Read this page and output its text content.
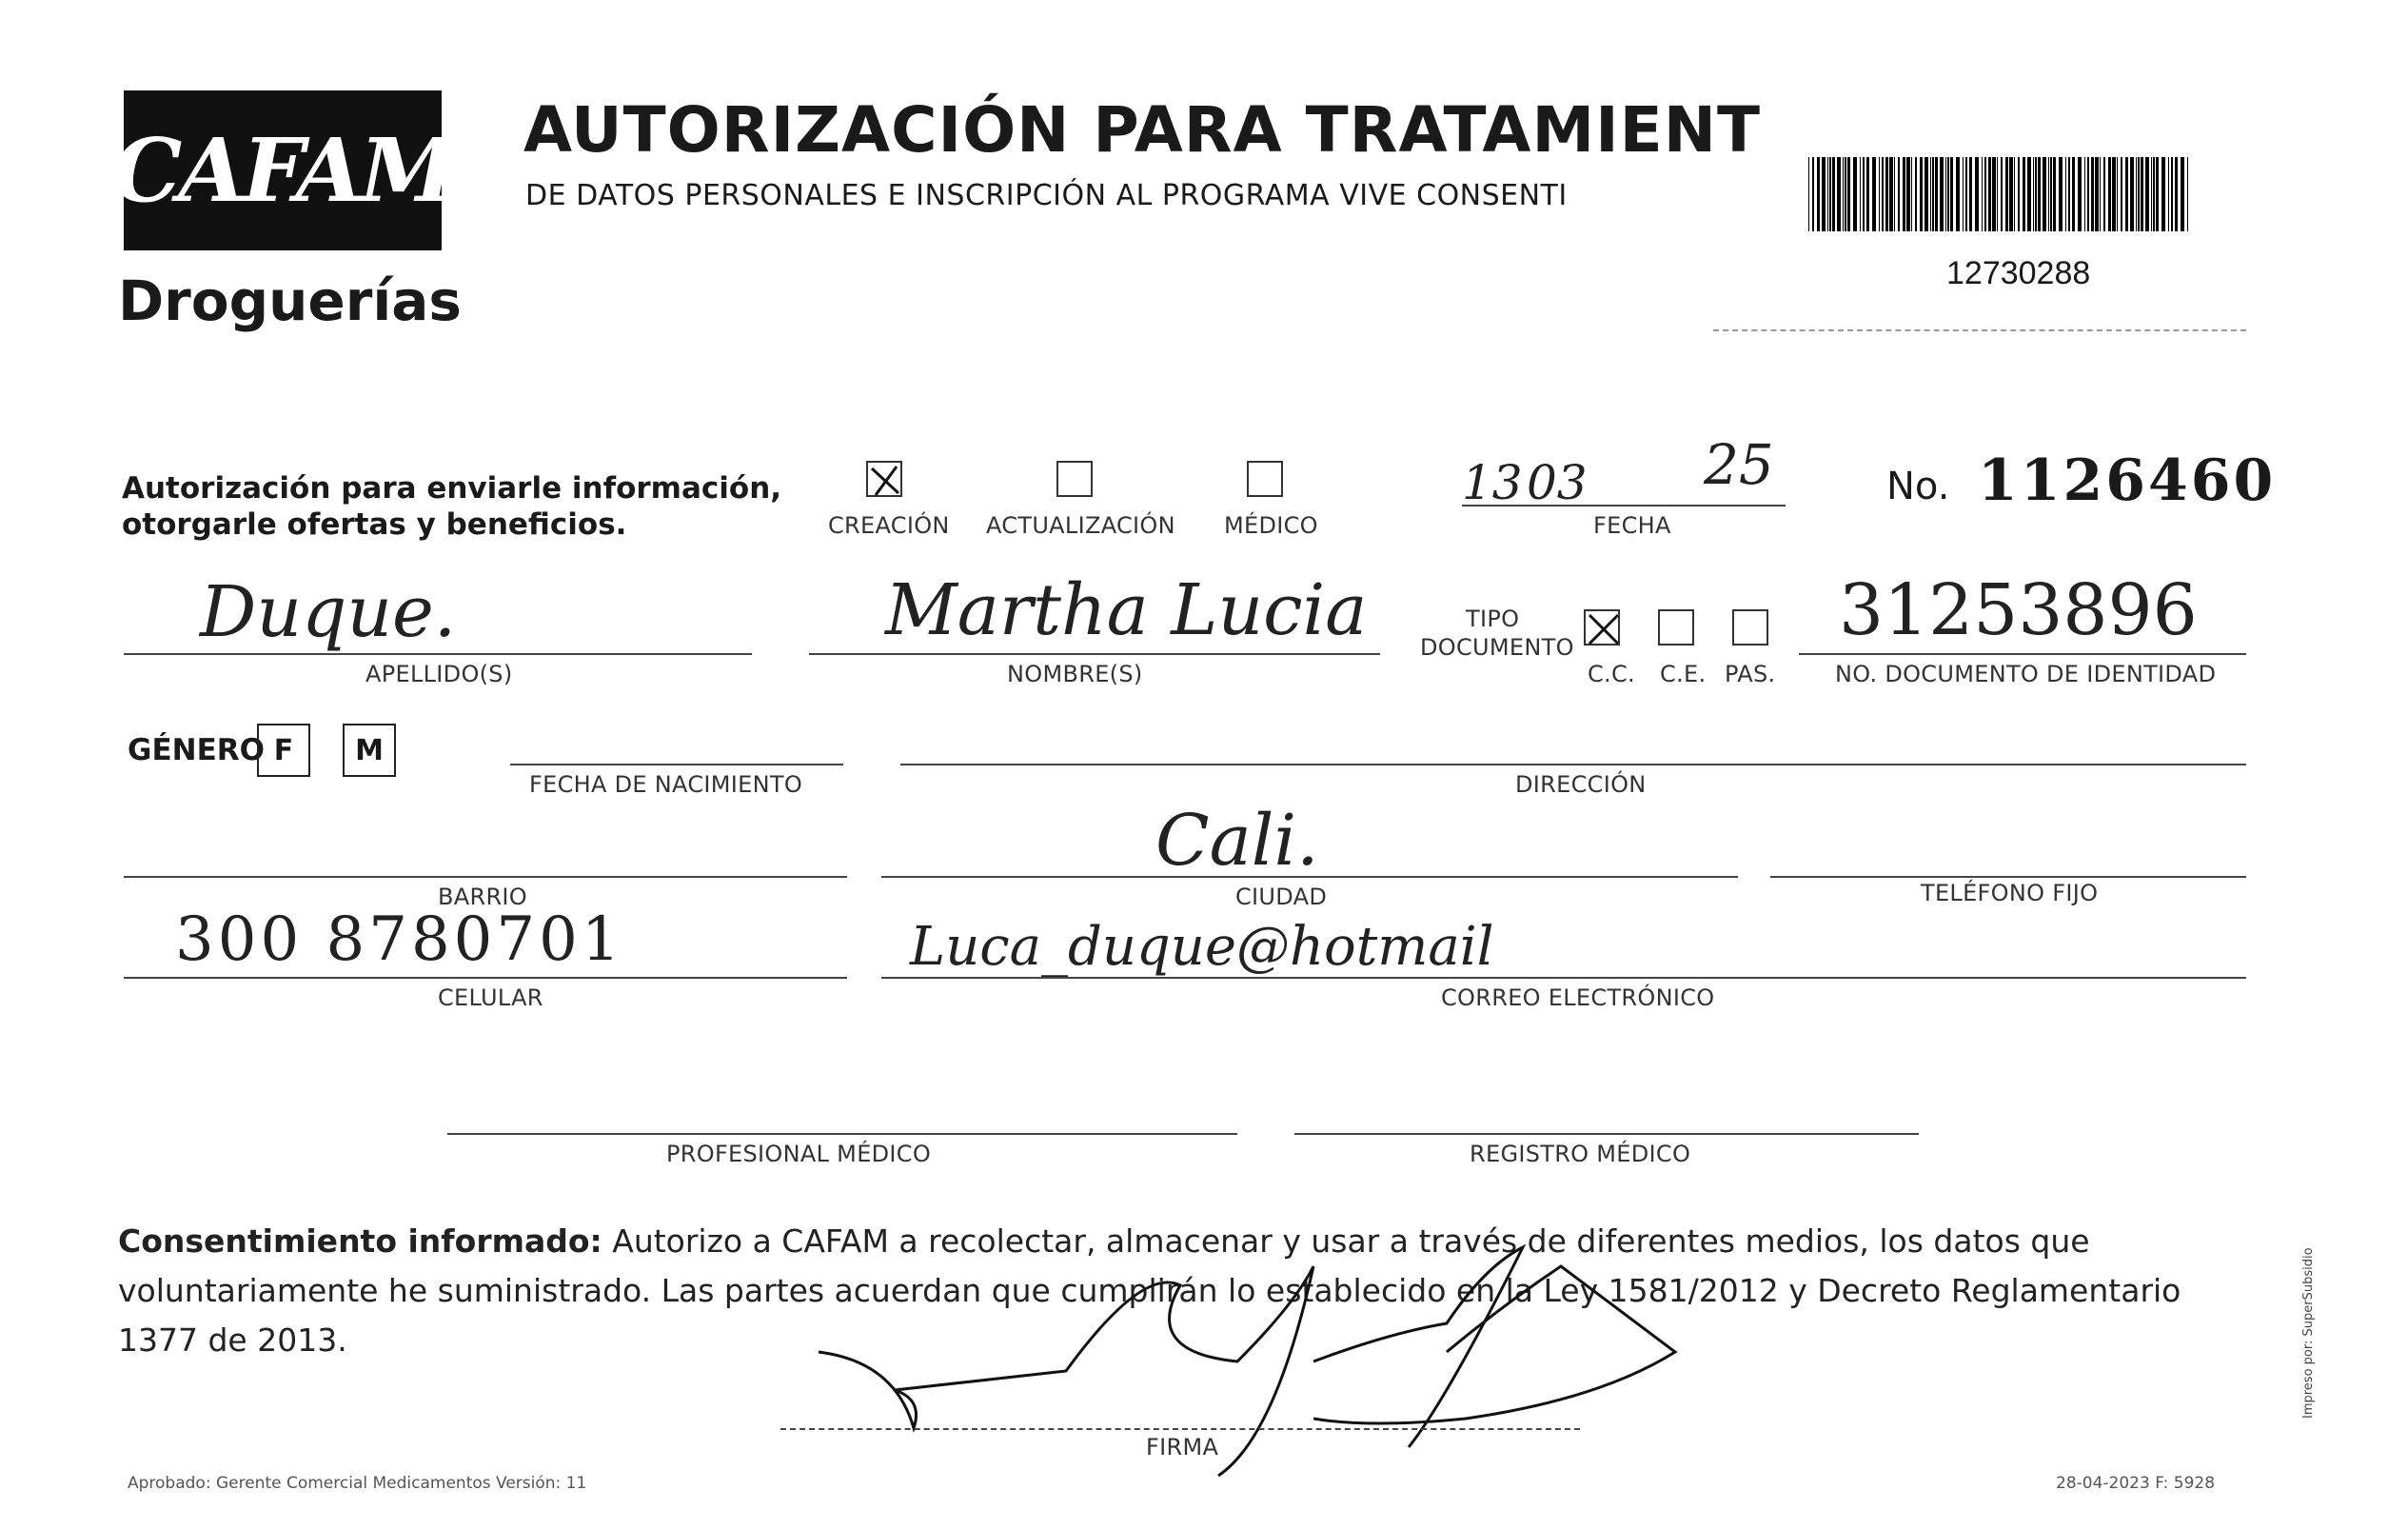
CAFAM
Droguerías
AUTORIZACIÓN PARA TRATAMIENT
DE DATOS PERSONALES E INSCRIPCIÓN AL PROGRAMA VIVE CONSENTI
12730288
Autorización para enviarle información,
otorgarle ofertas y beneficios.	CREACIÓN ACTUALIZACIÓN MÉDICO
13 03 25
FECHA
No. 1126460
Duque.
APELLIDO(S)
Martha Lucia
NOMBRE(S)
TIPO
DOCUMENTO
C.C. C.E. PAS.
31253896
NO. DOCUMENTO DE IDENTIDAD
GÉNERO F	M
FECHA DE NACIMIENTO	DIRECCIÓN
BARRIO
Cali.
CIUDAD	TELÉFONO FIJO
300 8780701
CELULAR
Luca_duque@hotmail
CORREO ELECTRÓNICO
PROFESIONAL MÉDICO	REGISTRO MÉDICO
Consentimiento informado: Autorizo a CAFAM a recolectar, almacenar y usar a través de diferentes medios, los datos que voluntariamente he suministrado. Las partes acuerdan que cumplirán lo establecido en la Ley 1581/2012 y Decreto Reglamentario 1377 de 2013.
FIRMA
Aprobado: Gerente Comercial Medicamentos Versión: 11	28-04-2023 F: 5928
Impreso por: SuperSubsidio
